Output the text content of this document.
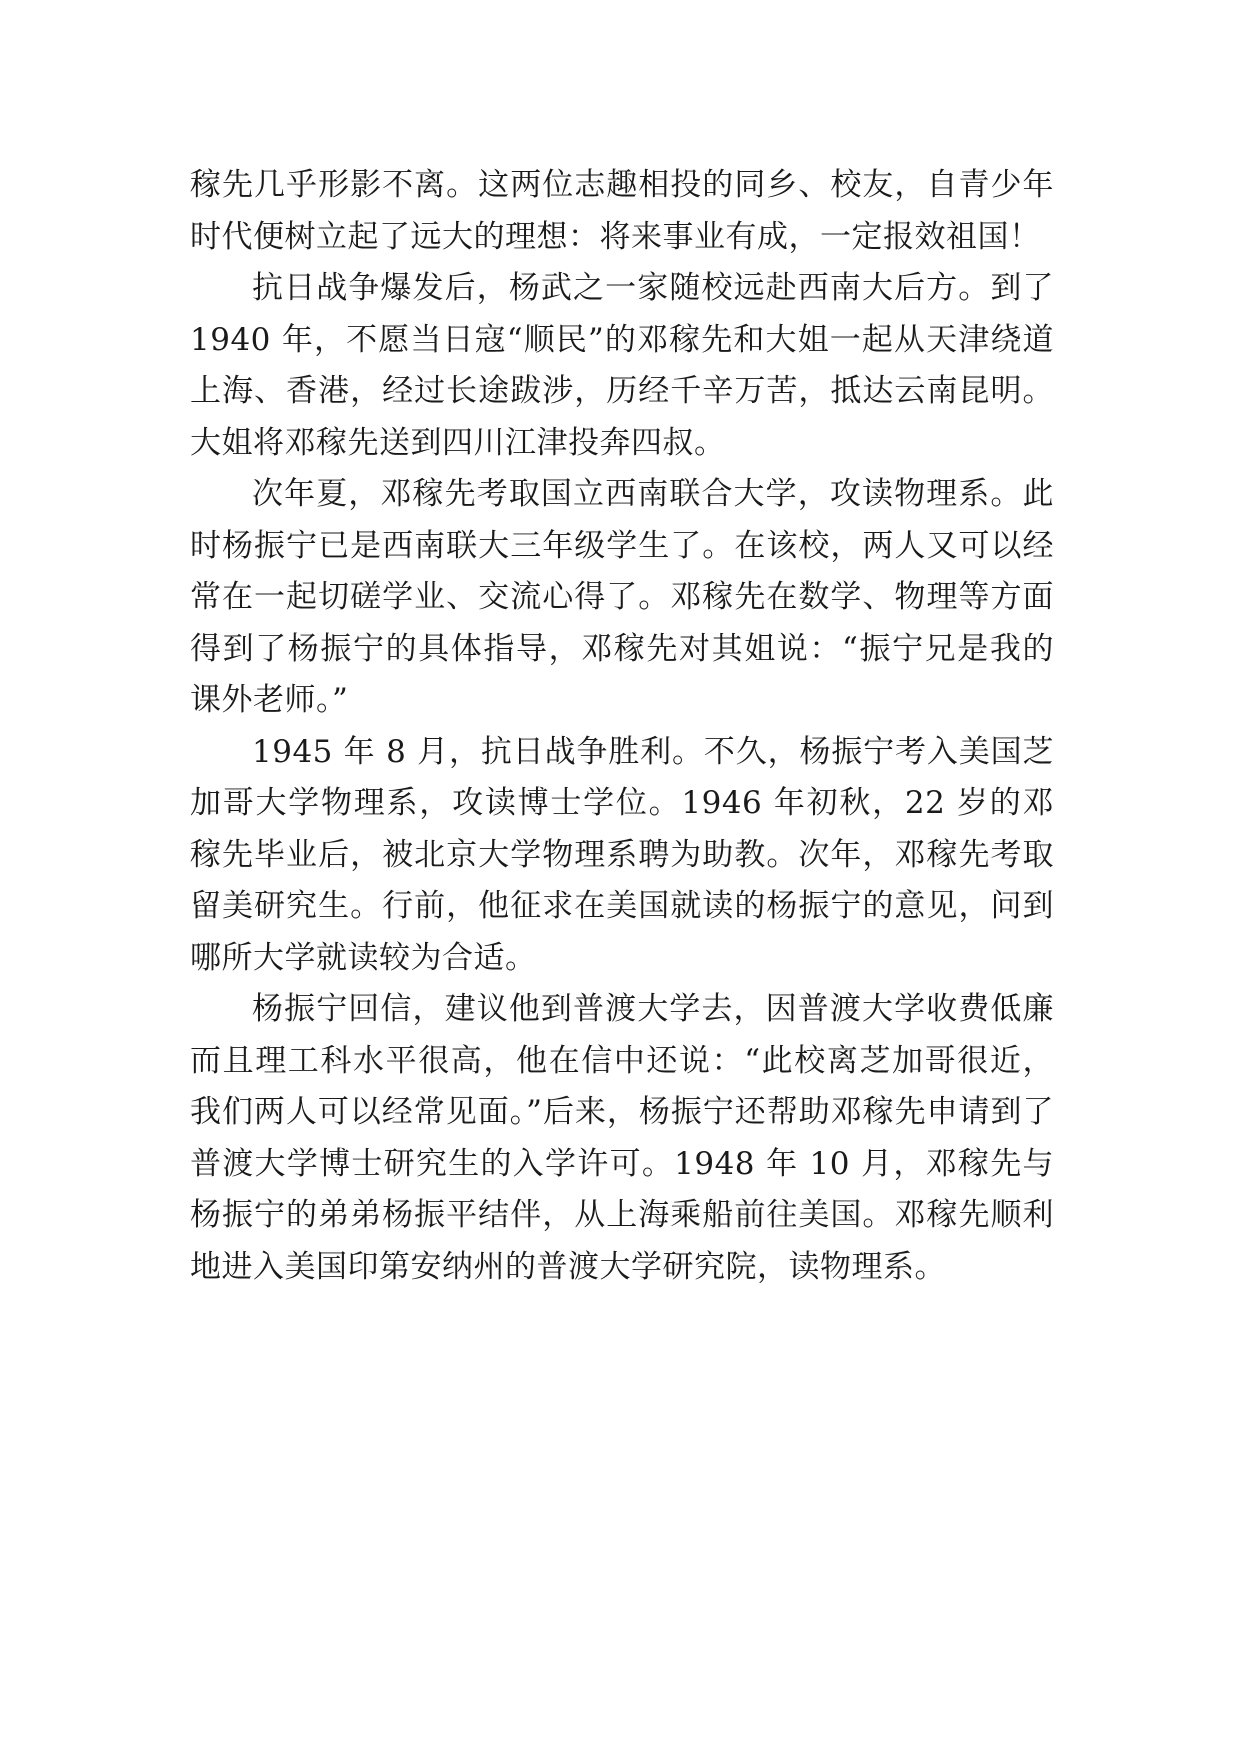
稼先几乎形影不离。这两位志趣相投的同乡、校友，自青少年时代便树立起了远大的理想：将来事业有成，一定报效祖国！

抗日战争爆发后，杨武之一家随校远赴西南大后方。到了 1940 年，不愿当日寇“顺民”的邓稼先和大姐一起从天津绕道上海、香港，经过长途跋涉，历经千辛万苦，抵达云南昆明。大姐将邓稼先送到四川江津投奔四叔。

次年夏，邓稼先考取国立西南联合大学，攻读物理系。此时杨振宁已是西南联大三年级学生了。在该校，两人又可以经常在一起切磋学业、交流心得了。邓稼先在数学、物理等方面得到了杨振宁的具体指导，邓稼先对其姐说：“振宁兄是我的课外老师。”

1945 年 8 月，抗日战争胜利。不久，杨振宁考入美国芝加哥大学物理系，攻读博士学位。1946 年初秋，22 岁的邓稼先毕业后，被北京大学物理系聘为助教。次年，邓稼先考取留美研究生。行前，他征求在美国就读的杨振宁的意见，问到哪所大学就读较为合适。

杨振宁回信，建议他到普渡大学去，因普渡大学收费低廉而且理工科水平很高，他在信中还说：“此校离芝加哥很近，我们两人可以经常见面。”后来，杨振宁还帮助邓稼先申请到了普渡大学博士研究生的入学许可。1948 年 10 月，邓稼先与杨振宁的弟弟杨振平结伴，从上海乘船前往美国。邓稼先顺利地进入美国印第安纳州的普渡大学研究院，读物理系。
